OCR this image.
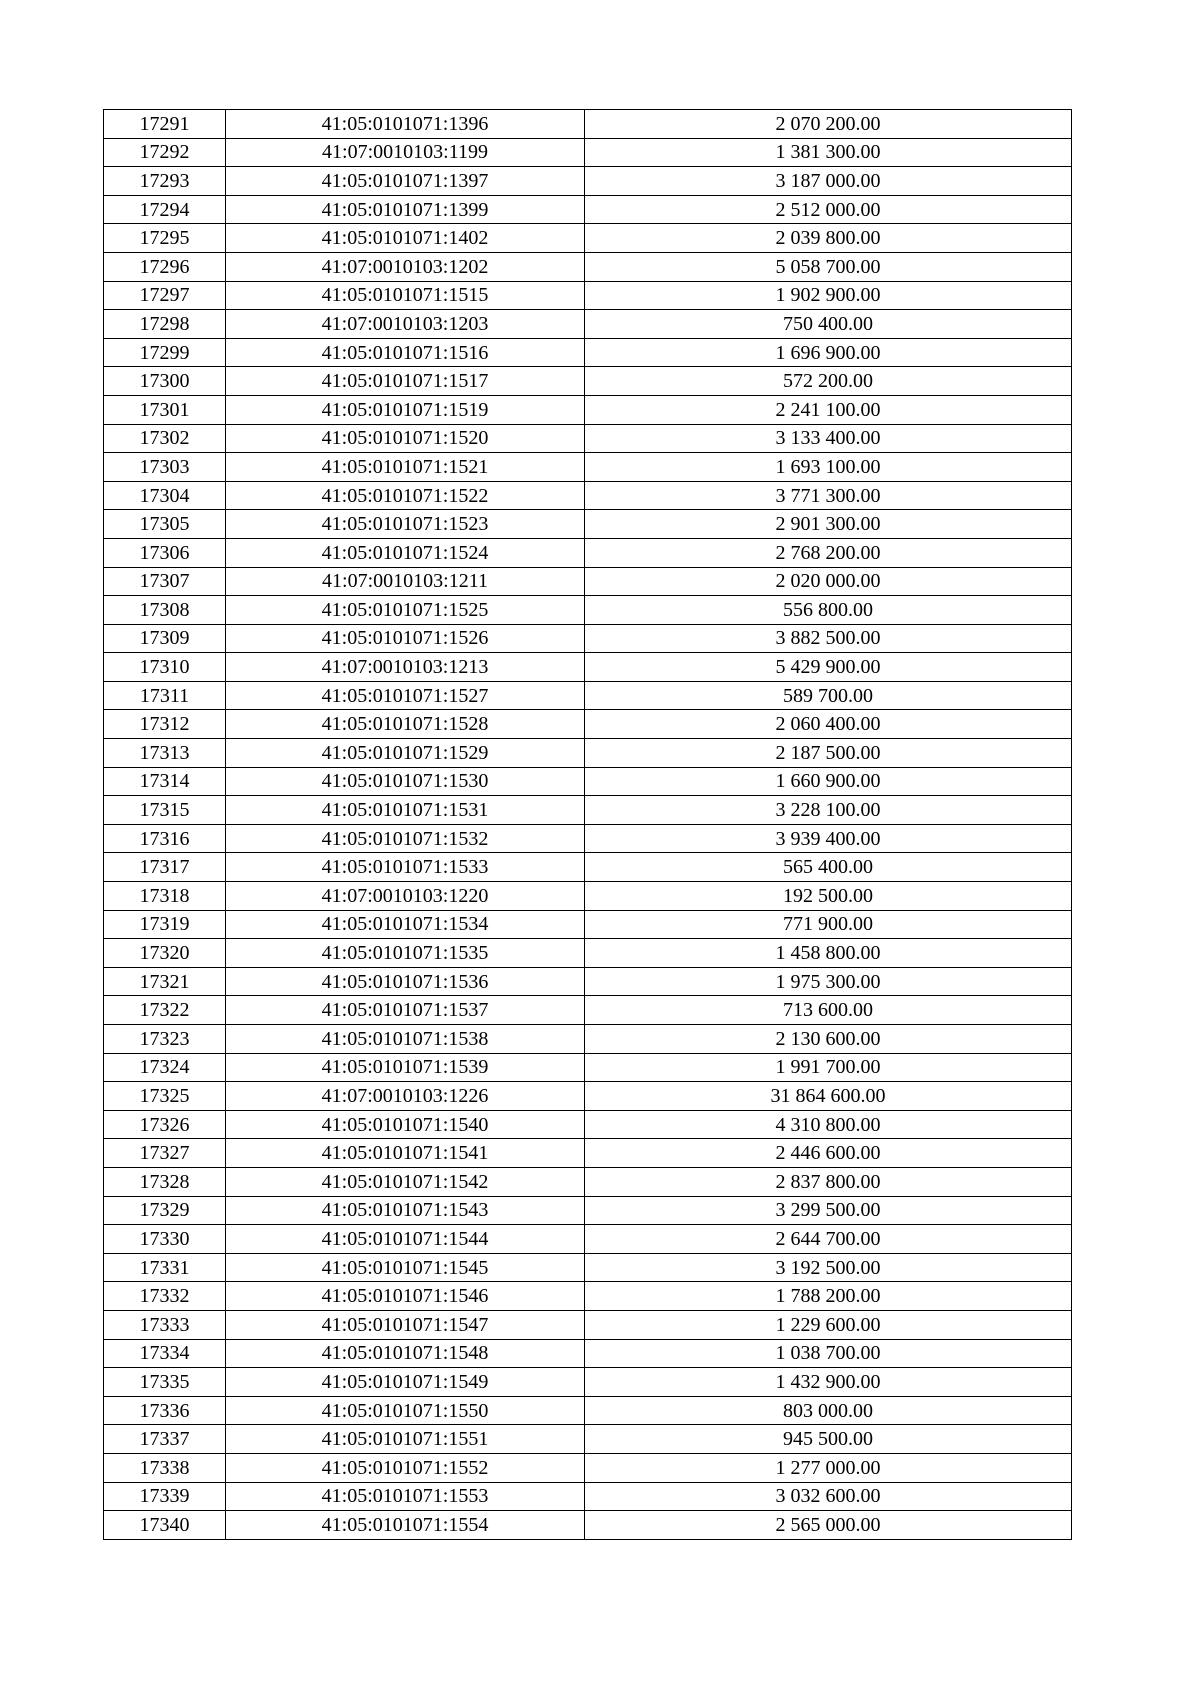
17291	41:05:0101071:1396	2 070 200.00
17292	41:07:0010103:1199	1 381 300.00
17293	41:05:0101071:1397	3 187 000.00
17294	41:05:0101071:1399	2 512 000.00
17295	41:05:0101071:1402	2 039 800.00
17296	41:07:0010103:1202	5 058 700.00
17297	41:05:0101071:1515	1 902 900.00
17298	41:07:0010103:1203	750 400.00
17299	41:05:0101071:1516	1 696 900.00
17300	41:05:0101071:1517	572 200.00
17301	41:05:0101071:1519	2 241 100.00
17302	41:05:0101071:1520	3 133 400.00
17303	41:05:0101071:1521	1 693 100.00
17304	41:05:0101071:1522	3 771 300.00
17305	41:05:0101071:1523	2 901 300.00
17306	41:05:0101071:1524	2 768 200.00
17307	41:07:0010103:1211	2 020 000.00
17308	41:05:0101071:1525	556 800.00
17309	41:05:0101071:1526	3 882 500.00
17310	41:07:0010103:1213	5 429 900.00
17311	41:05:0101071:1527	589 700.00
17312	41:05:0101071:1528	2 060 400.00
17313	41:05:0101071:1529	2 187 500.00
17314	41:05:0101071:1530	1 660 900.00
17315	41:05:0101071:1531	3 228 100.00
17316	41:05:0101071:1532	3 939 400.00
17317	41:05:0101071:1533	565 400.00
17318	41:07:0010103:1220	192 500.00
17319	41:05:0101071:1534	771 900.00
17320	41:05:0101071:1535	1 458 800.00
17321	41:05:0101071:1536	1 975 300.00
17322	41:05:0101071:1537	713 600.00
17323	41:05:0101071:1538	2 130 600.00
17324	41:05:0101071:1539	1 991 700.00
17325	41:07:0010103:1226	31 864 600.00
17326	41:05:0101071:1540	4 310 800.00
17327	41:05:0101071:1541	2 446 600.00
17328	41:05:0101071:1542	2 837 800.00
17329	41:05:0101071:1543	3 299 500.00
17330	41:05:0101071:1544	2 644 700.00
17331	41:05:0101071:1545	3 192 500.00
17332	41:05:0101071:1546	1 788 200.00
17333	41:05:0101071:1547	1 229 600.00
17334	41:05:0101071:1548	1 038 700.00
17335	41:05:0101071:1549	1 432 900.00
17336	41:05:0101071:1550	803 000.00
17337	41:05:0101071:1551	945 500.00
17338	41:05:0101071:1552	1 277 000.00
17339	41:05:0101071:1553	3 032 600.00
17340	41:05:0101071:1554	2 565 000.00
